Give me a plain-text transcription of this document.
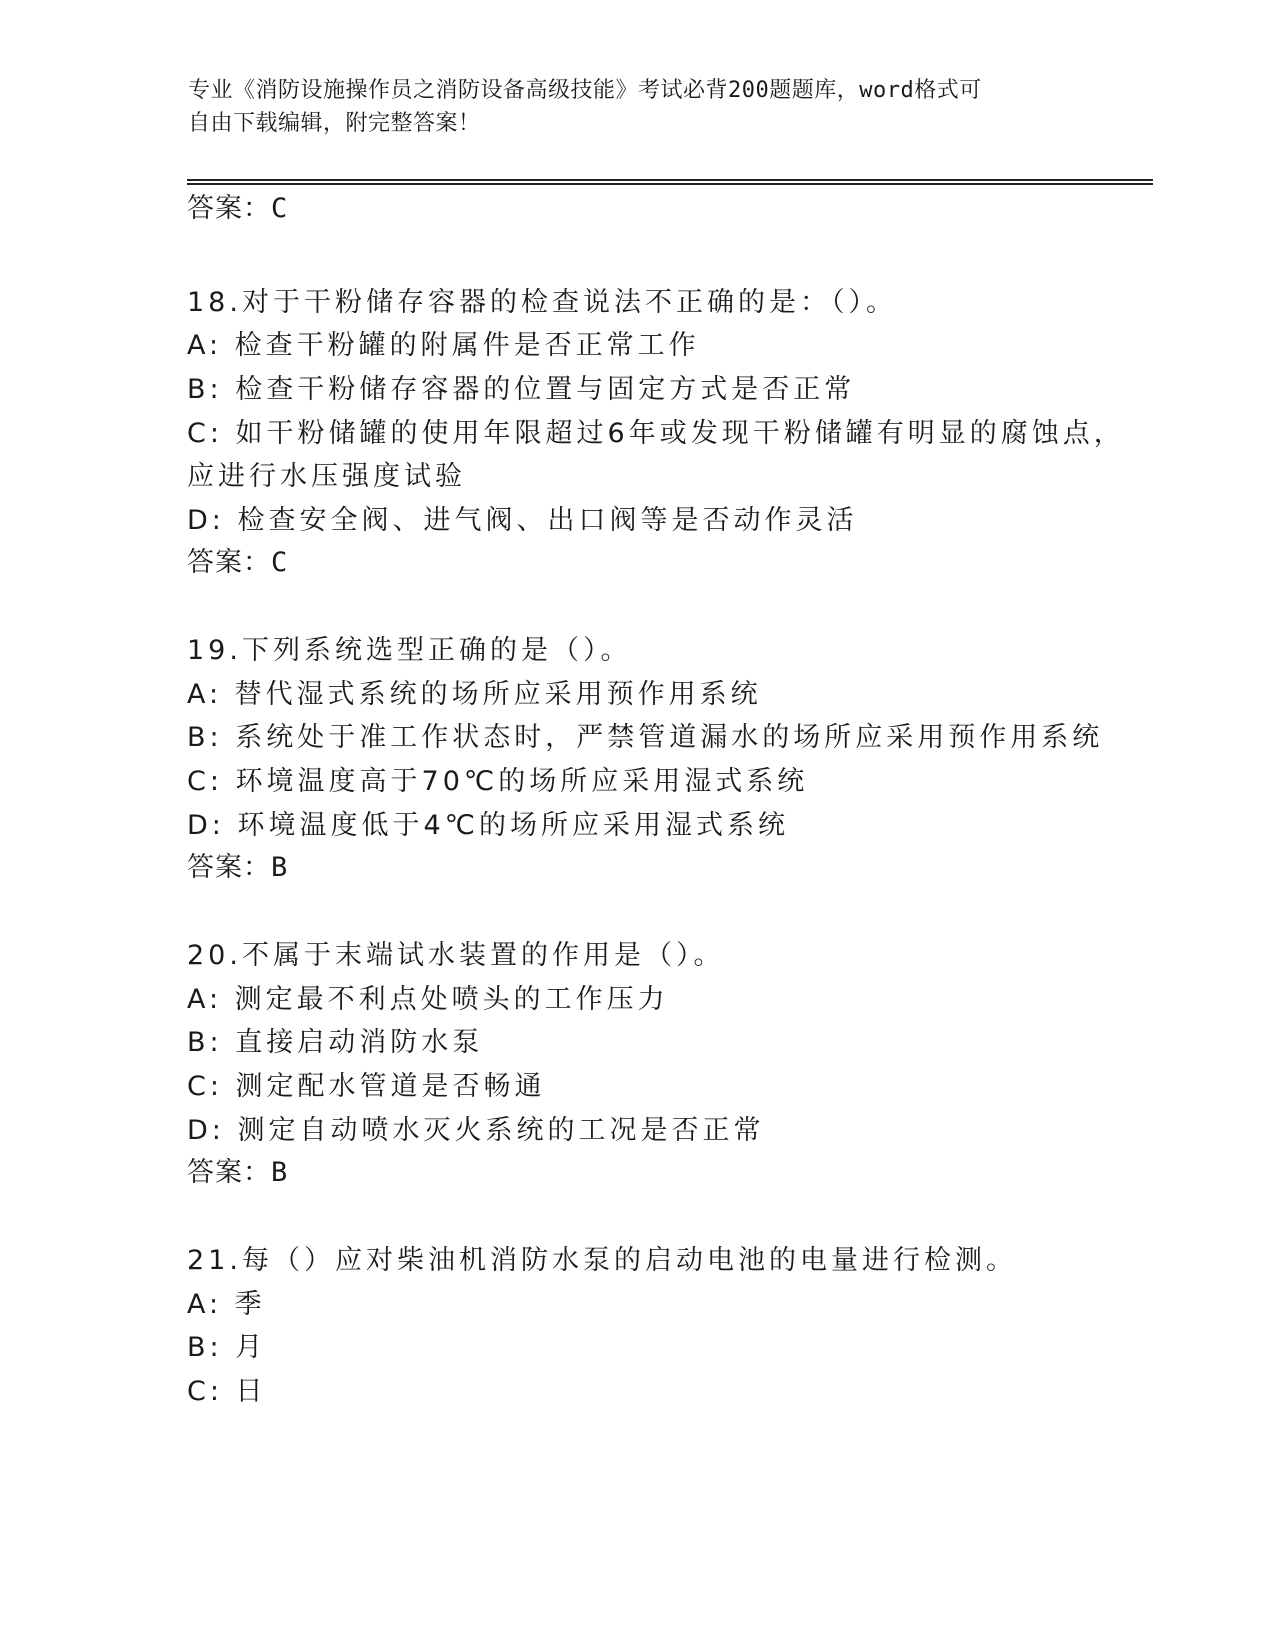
专业《消防设施操作员之消防设备高级技能》考试必背200题题库，word格式可
自由下载编辑，附完整答案！
答案：C
18.对于干粉储存容器的检查说法不正确的是：（）。
A: 检查干粉罐的附属件是否正常工作
B: 检查干粉储存容器的位置与固定方式是否正常
C: 如干粉储罐的使用年限超过6年或发现干粉储罐有明显的腐蚀点，
应进行水压强度试验
D: 检查安全阀、进气阀、出口阀等是否动作灵活
答案：C
19.下列系统选型正确的是（）。
A: 替代湿式系统的场所应采用预作用系统
B: 系统处于准工作状态时，严禁管道漏水的场所应采用预作用系统
C: 环境温度高于70℃的场所应采用湿式系统
D: 环境温度低于4℃的场所应采用湿式系统
答案：B
20.不属于末端试水装置的作用是（）。
A: 测定最不利点处喷头的工作压力
B: 直接启动消防水泵
C: 测定配水管道是否畅通
D: 测定自动喷水灭火系统的工况是否正常
答案：B
21.每（）应对柴油机消防水泵的启动电池的电量进行检测。
A: 季
B: 月
C: 日
